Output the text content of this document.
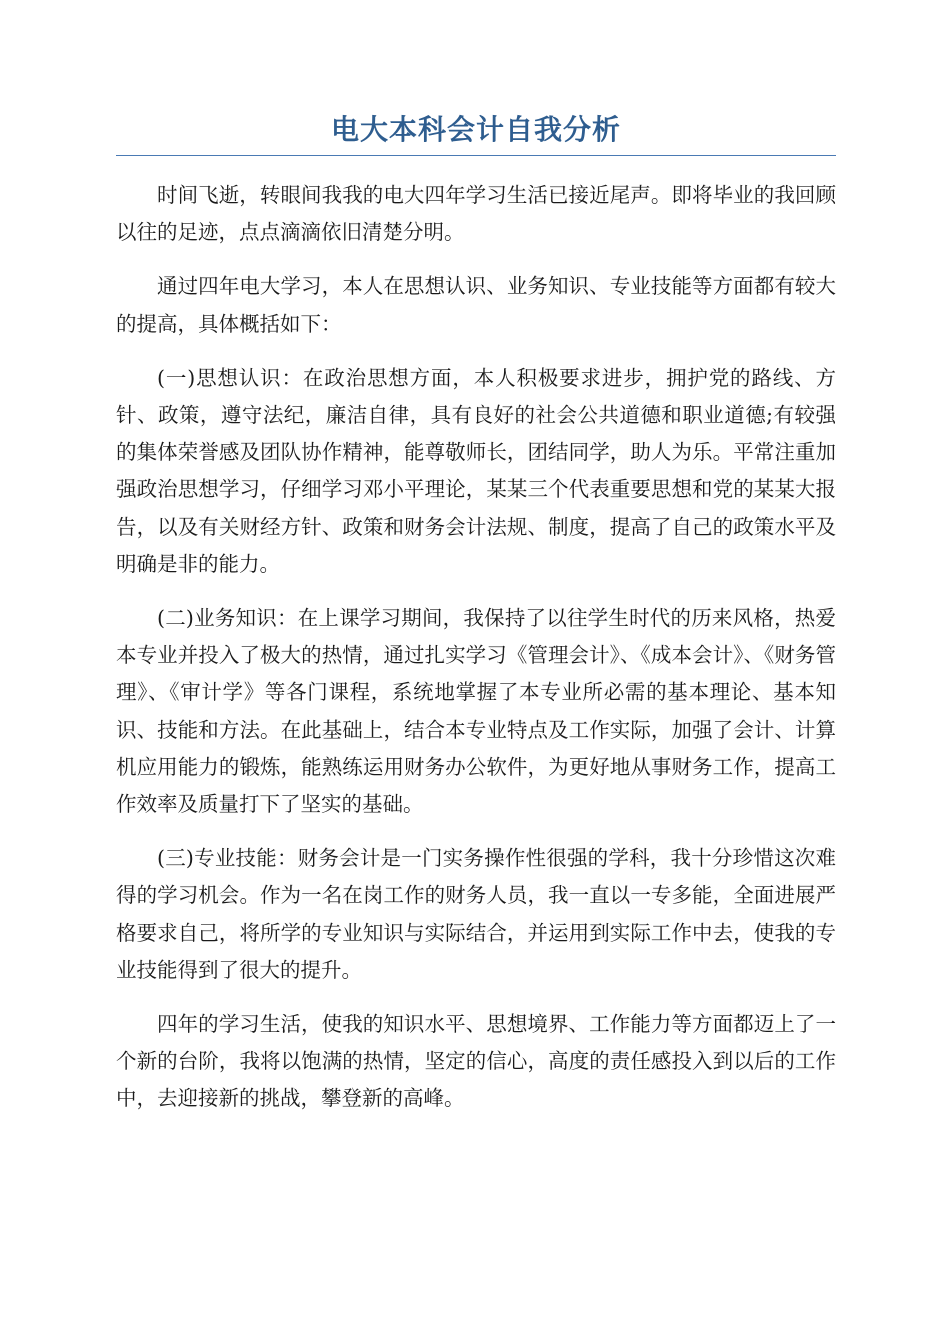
电大本科会计自我分析

时间飞逝，转眼间我我的电大四年学习生活已接近尾声。即将毕业的我回顾以往的足迹，点点滴滴依旧清楚分明。

通过四年电大学习，本人在思想认识、业务知识、专业技能等方面都有较大的提高，具体概括如下：

(一)思想认识：在政治思想方面，本人积极要求进步，拥护党的路线、方针、政策，遵守法纪，廉洁自律，具有良好的社会公共道德和职业道德;有较强的集体荣誉感及团队协作精神，能尊敬师长，团结同学，助人为乐。平常注重加强政治思想学习，仔细学习邓小平理论，某某三个代表重要思想和党的某某大报告，以及有关财经方针、政策和财务会计法规、制度，提高了自己的政策水平及明确是非的能力。

(二)业务知识：在上课学习期间，我保持了以往学生时代的历来风格，热爱本专业并投入了极大的热情，通过扎实学习《管理会计》、《成本会计》、《财务管理》、《审计学》等各门课程，系统地掌握了本专业所必需的基本理论、基本知识、技能和方法。在此基础上，结合本专业特点及工作实际，加强了会计、计算机应用能力的锻炼，能熟练运用财务办公软件，为更好地从事财务工作，提高工作效率及质量打下了坚实的基础。

(三)专业技能：财务会计是一门实务操作性很强的学科，我十分珍惜这次难得的学习机会。作为一名在岗工作的财务人员，我一直以一专多能，全面进展严格要求自己，将所学的专业知识与实际结合，并运用到实际工作中去，使我的专业技能得到了很大的提升。

四年的学习生活，使我的知识水平、思想境界、工作能力等方面都迈上了一个新的台阶，我将以饱满的热情，坚定的信心，高度的责任感投入到以后的工作中，去迎接新的挑战，攀登新的高峰。
